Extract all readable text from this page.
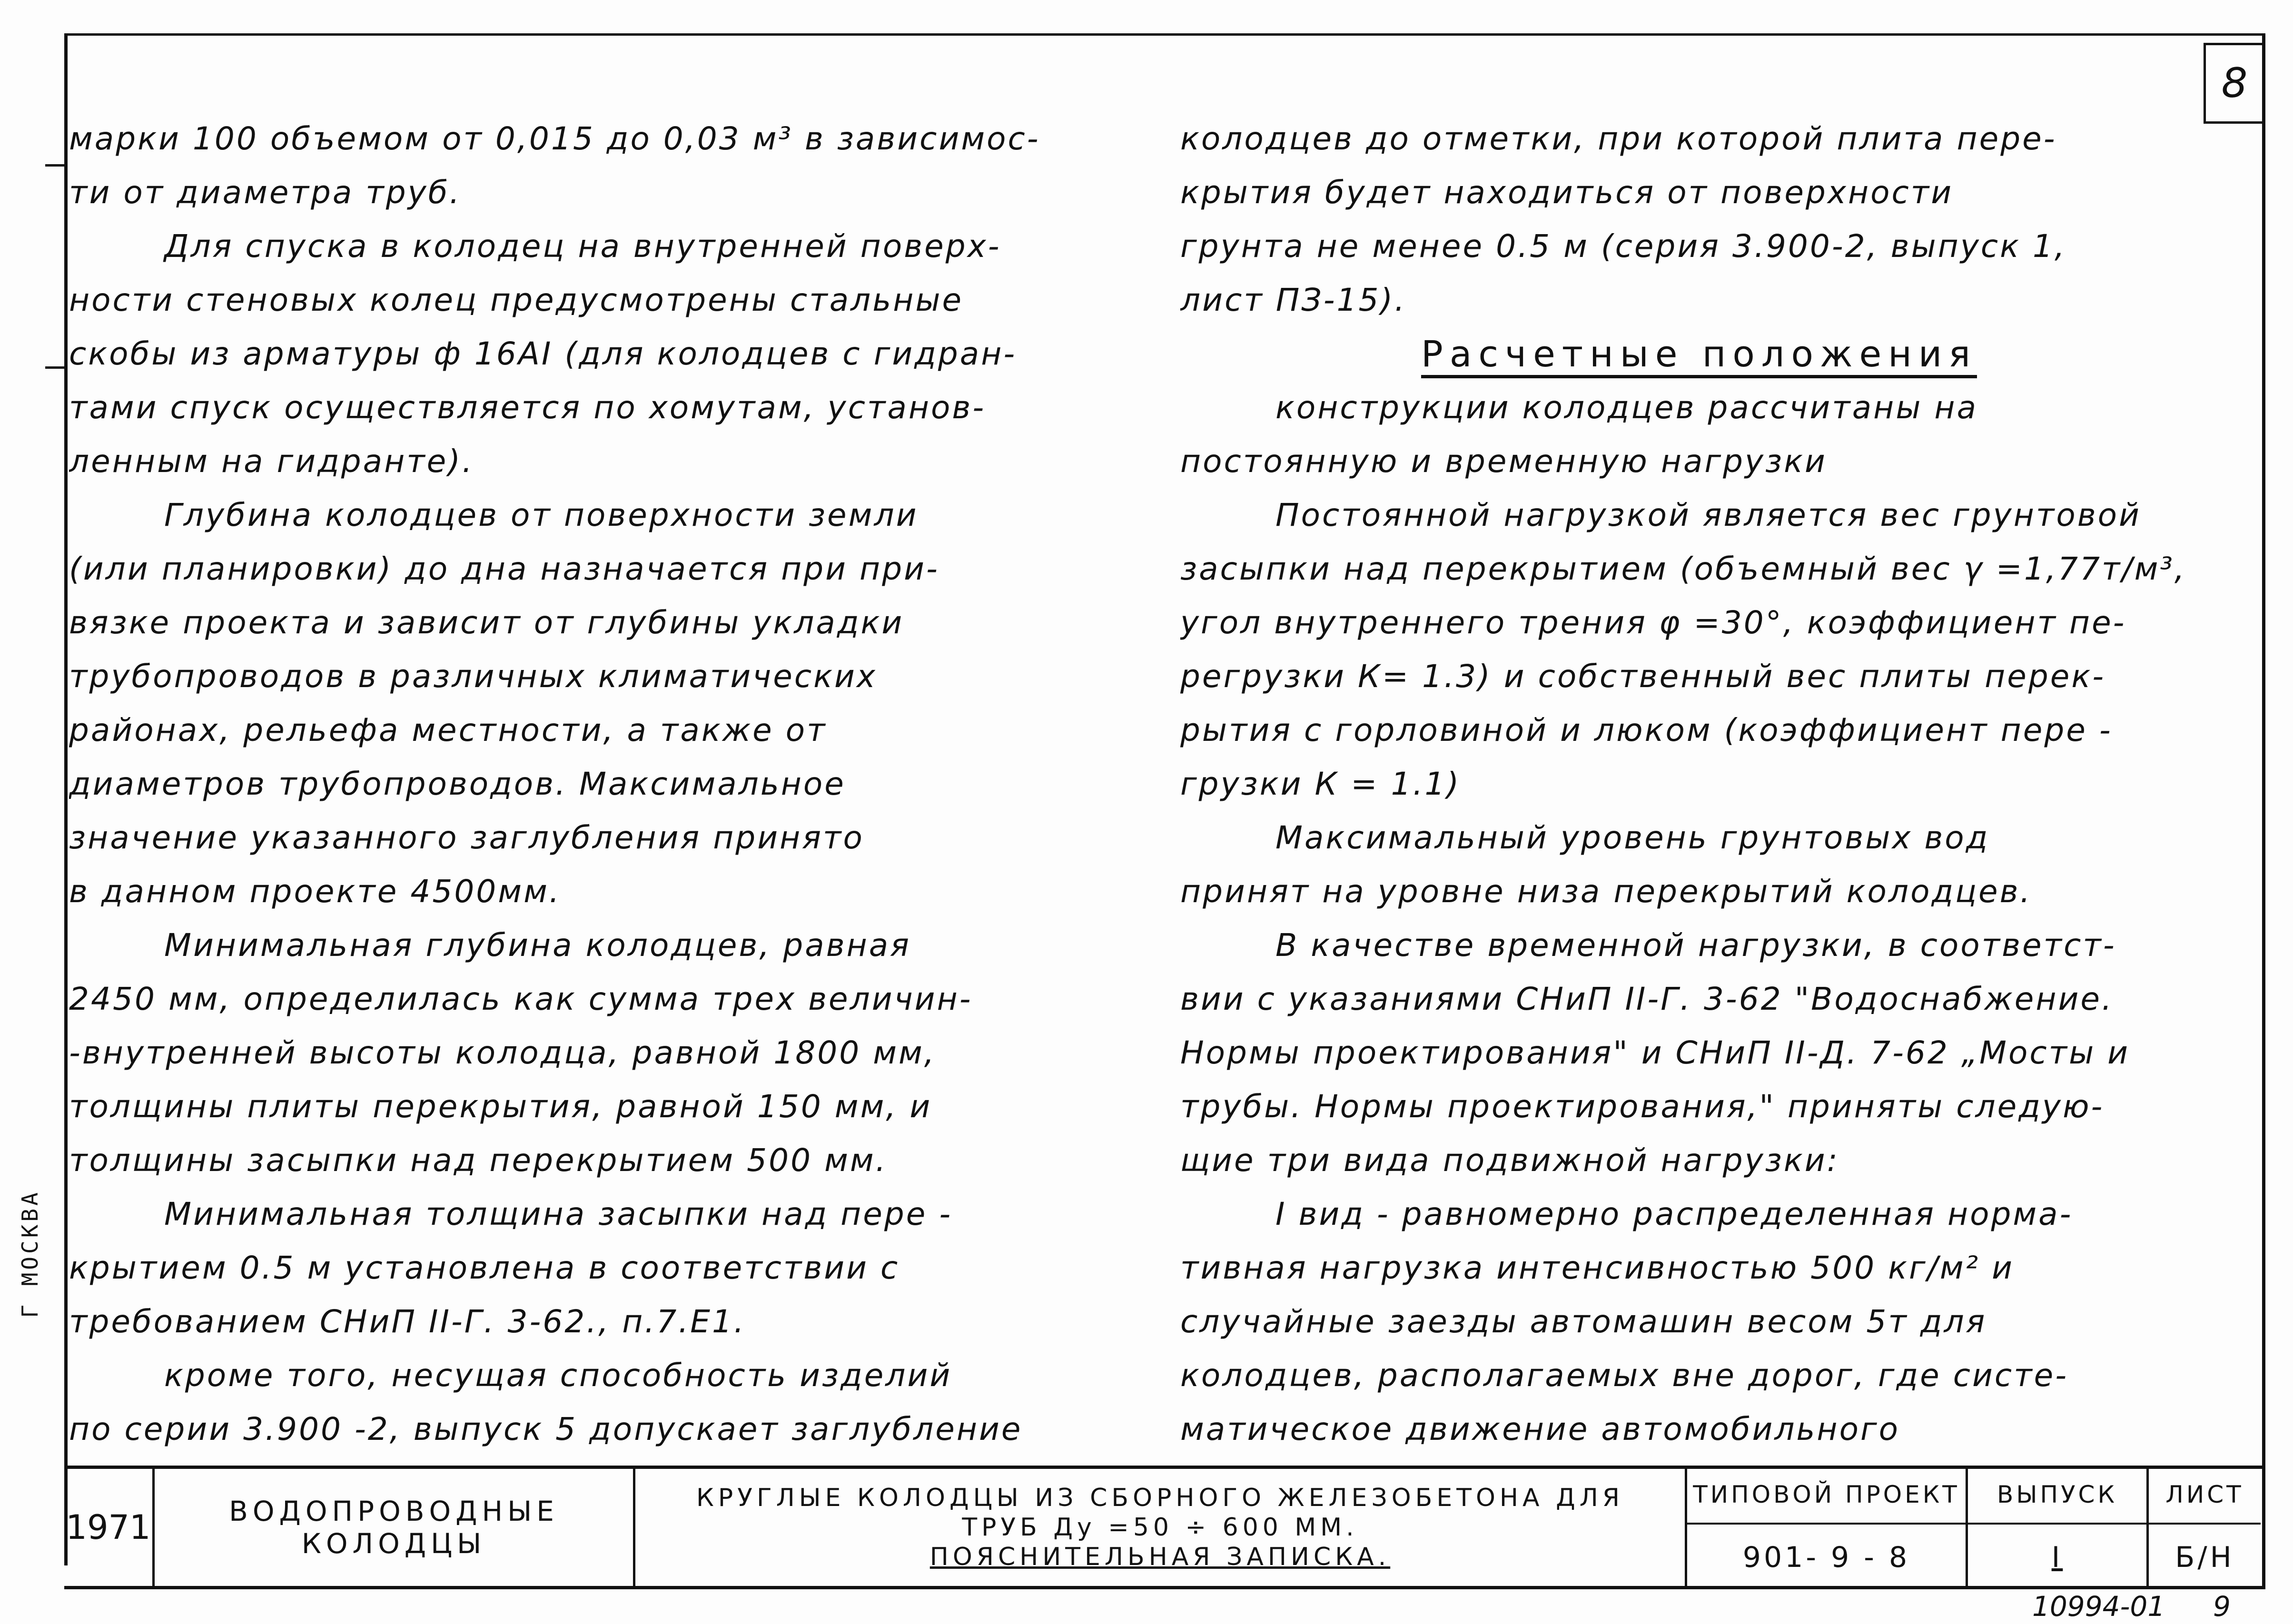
Г МОСКВА
8
марки 100 объемом от 0,015 до 0,03 м³ в зависимос-
ти от диаметра труб.
Для спуска в колодец на внутренней поверх-
ности стеновых колец предусмотрены стальные
скобы из арматуры ф 16AI (для колодцев с гидран-
тами спуск осуществляется по хомутам, установ-
ленным на гидранте).
Глубина колодцев от поверхности земли
(или планировки) до дна назначается при при-
вязке проекта и зависит от глубины укладки
трубопроводов в различных климатических
районах, рельефа местности, а также от
диаметров трубопроводов. Максимальное
значение указанного заглубления принято
в данном проекте 4500мм.
Минимальная глубина колодцев, равная
2450 мм, определилась как сумма трех величин-
-внутренней высоты колодца, равной 1800 мм,
толщины плиты перекрытия, равной 150 мм, и
толщины засыпки над перекрытием 500 мм.
Минимальная толщина засыпки над пере -
крытием 0.5 м установлена в соответствии с
требованием СНиП II-Г. 3-62., п.7.Е1.
кроме того, несущая способность изделий
по серии 3.900 -2, выпуск 5 допускает заглубление
колодцев до отметки, при которой плита пере-
крытия будет находиться от поверхности
грунта не менее 0.5 м (серия 3.900-2, выпуск 1,
лист ПЗ-15).
Расчетные положения
конструкции колодцев рассчитаны на
постоянную и временную нагрузки
Постоянной нагрузкой является вес грунтовой
засыпки над перекрытием (объемный вес γ =1,77т/м³,
угол внутреннего трения φ =30°, коэффициент пе-
регрузки К= 1.3) и собственный вес плиты перек-
рытия с горловиной и люком (коэффициент пере -
грузки К = 1.1)
Максимальный уровень грунтовых вод
принят на уровне низа перекрытий колодцев.
В качестве временной нагрузки, в соответст-
вии с указаниями СНиП II-Г. 3-62 "Водоснабжение.
Нормы проектирования" и СНиП II-Д. 7-62 „Мосты и
трубы. Нормы проектирования," приняты следую-
щие три вида подвижной нагрузки:
I вид - равномерно распределенная норма-
тивная нагрузка интенсивностью 500 кг/м² и
случайные заезды автомашин весом 5т для
колодцев, располагаемых вне дорог, где систе-
матическое движение автомобильного
1971	ВОДОПРОВОДНЫЕ
КОЛОДЦЫ
КРУГЛЫЕ КОЛОДЦЫ ИЗ СБОРНОГО ЖЕЛЕЗОБЕТОНА ДЛЯ
ТРУБ Ду =50 ÷ 600 ММ.
ПОЯСНИТЕЛЬНАЯ ЗАПИСКА.
ТИПОВОЙ ПРОЕКТ
901- 9 - 8
ВЫПУСК
I
ЛИСТ
Б/Н
10994-01 9
